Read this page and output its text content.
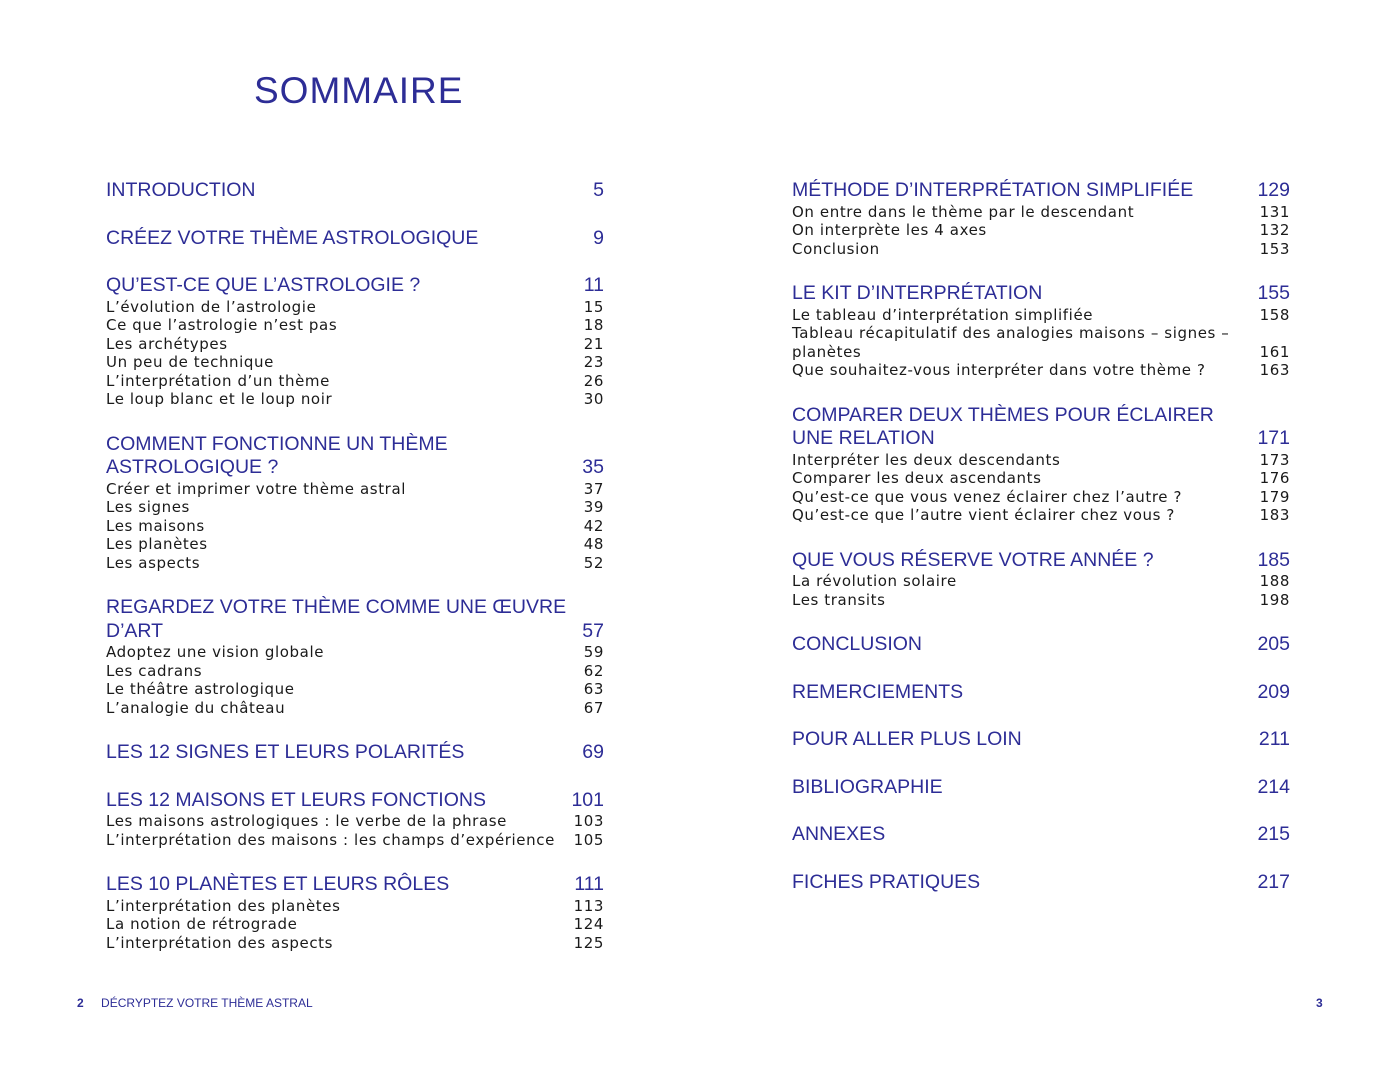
SOMMAIRE
INTRODUCTION	5
CRÉEZ VOTRE THÈME ASTROLOGIQUE	9
QU’EST-CE QUE L’ASTROLOGIE ?	11
L’évolution de l’astrologie	15
Ce que l’astrologie n’est pas	18
Les archétypes	21
Un peu de technique	23
L’interprétation d’un thème	26
Le loup blanc et le loup noir	30
COMMENT FONCTIONNE UN THÈME ASTROLOGIQUE ?	35
Créer et imprimer votre thème astral	37
Les signes	39
Les maisons	42
Les planètes	48
Les aspects	52
REGARDEZ VOTRE THÈME COMME UNE ŒUVRE D’ART	57
Adoptez une vision globale	59
Les cadrans	62
Le théâtre astrologique	63
L’analogie du château	67
LES 12 SIGNES ET LEURS POLARITÉS	69
LES 12 MAISONS ET LEURS FONCTIONS	101
Les maisons astrologiques : le verbe de la phrase	103
L’interprétation des maisons : les champs d’expérience	105
LES 10 PLANÈTES ET LEURS RÔLES	111
L’interprétation des planètes	113
La notion de rétrograde	124
L’interprétation des aspects	125
MÉTHODE D’INTERPRÉTATION SIMPLIFIÉE	129
On entre dans le thème par le descendant	131
On interprète les 4 axes	132
Conclusion	153
LE KIT D’INTERPRÉTATION	155
Le tableau d’interprétation simplifiée	158
Tableau récapitulatif des analogies maisons – signes – planètes	161
Que souhaitez-vous interpréter dans votre thème ?	163
COMPARER DEUX THÈMES POUR ÉCLAIRER UNE RELATION	171
Interpréter les deux descendants	173
Comparer les deux ascendants	176
Qu’est-ce que vous venez éclairer chez l’autre ?	179
Qu’est-ce que l’autre vient éclairer chez vous ?	183
QUE VOUS RÉSERVE VOTRE ANNÉE ?	185
La révolution solaire	188
Les transits	198
CONCLUSION	205
REMERCIEMENTS	209
POUR ALLER PLUS LOIN	211
BIBLIOGRAPHIE	214
ANNEXES	215
FICHES PRATIQUES	217
2 DÉCRYPTEZ VOTRE THÈME ASTRAL	3
